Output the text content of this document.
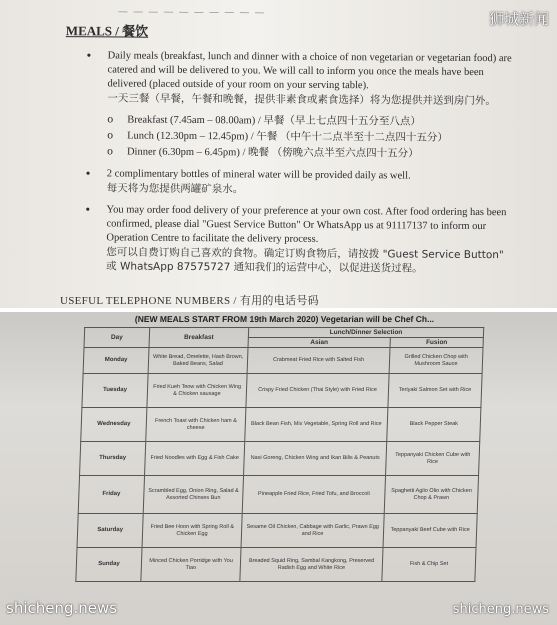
— — — — — — — — — —
MEALS / 餐饮
•	Daily meals (breakfast, lunch and dinner with a choice of non vegetarian or vegetarian food) are catered and will be delivered to you. We will call to inform you once the meals have been delivered (placed outside of your room on your serving table).
一天三餐（早餐，午餐和晚餐，提供非素食或素食选择）将为您提供并送到房门外。
o	Breakfast (7.45am – 08.00am) / 早餐（早上七点四十五分至八点）
o	Lunch (12.30pm – 12.45pm) / 午餐 （中午十二点半至十二点四十五分）
o	Dinner (6.30pm – 6.45pm) / 晚餐 （傍晚六点半至六点四十五分）
•	2 complimentary bottles of mineral water will be provided daily as well.
每天将为您提供两罐矿泉水。
•	You may order food delivery of your preference at your own cost. After food ordering has been confirmed, please dial "Guest Service Button" Or WhatsApp us at 91117137 to inform our Operation Centre to facilitate the delivery process.
您可以自费订购自己喜欢的食物。确定订购食物后，请按拨 "Guest Service Button" 或 WhatsApp 87575727 通知我们的运营中心，以促进送货过程。
USEFUL TELEPHONE NUMBERS / 有用的电话号码
狮城新闻
(NEW MEALS START FROM 19th March 2020) Vegetarian will be Chef Ch...
Day	Breakfast	Lunch/Dinner Selection	
		Asian	Fusion
Monday	White Bread, Omelette, Hash Brown, Baked Beans, Salad	Crabmeat Fried Rice with Salted Fish	Grilled Chicken Chop with Mushroom Sauce
Tuesday	Fried Kueh Teow with Chicken Wing & Chicken sausage	Crispy Fried Chicken (Thai Style) with Fried Rice	Teriyaki Salmon Set with Rice
Wednesday	French Toast with Chicken ham & cheese	Black Bean Fish, Mix Vegetable, Spring Roll and Rice	Black Pepper Steak
Thursday	Fried Noodles with Egg & Fish Cake	Nasi Goreng, Chicken Wing and Ikan Bilis & Peanuts	Teppanyaki Chicken Cube with Rice
Friday	Scrambled Egg, Onion Ring, Salad & Assorted Chinses Bun	Pineapple Fried Rice, Fried Tofu, and Broccoli	Spaghetti Aglio Olio with Chicken Chop & Prawn
Saturday	Fried Bee Hoon with Spring Roll & Chicken Egg	Sesame Oil Chicken, Cabbage with Garlic, Prawn Egg and Rice	Teppanyaki Beef Cube with Rice
Sunday	Minced Chicken Porridge with You Tiao	Breaded Squid Ring, Sambal Kangkong, Preserved Radish Egg and White Rice	Fish & Chip Set
shicheng.news	shicheng.news
